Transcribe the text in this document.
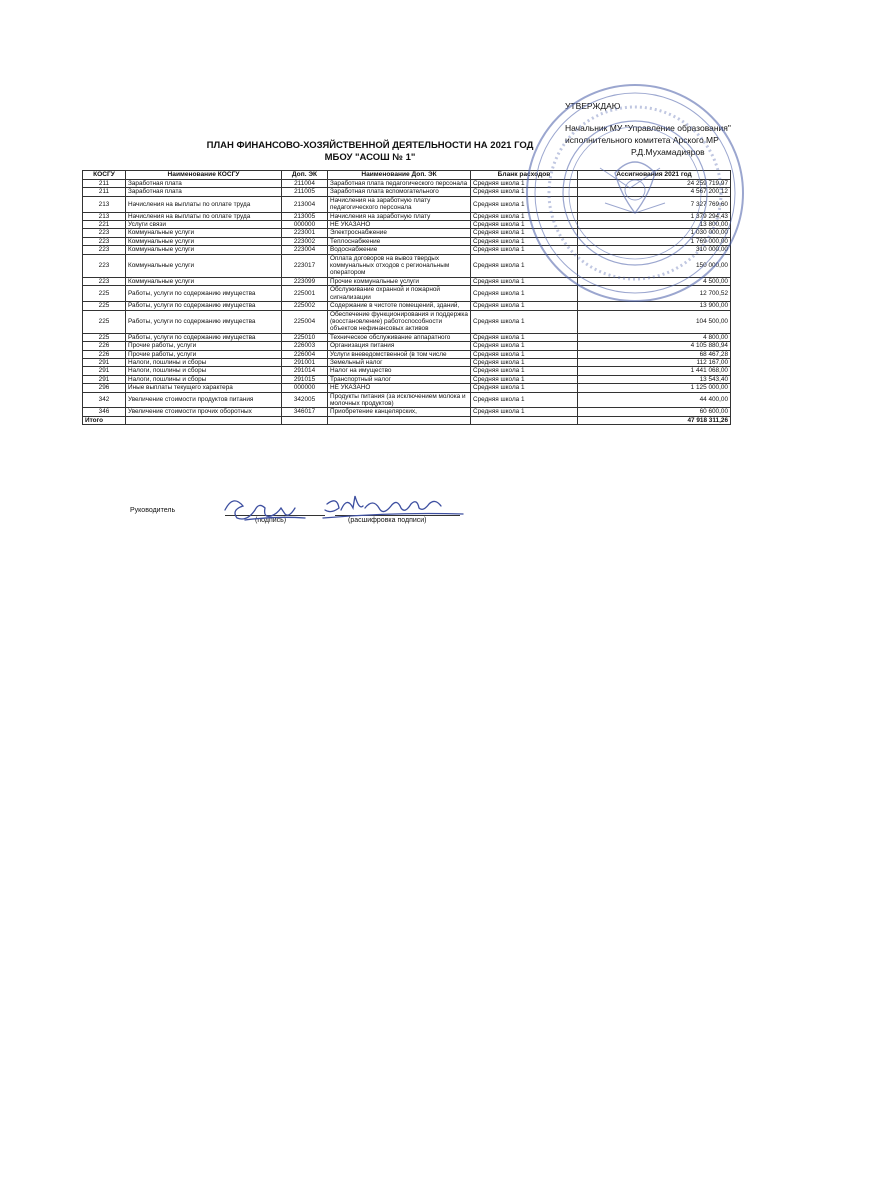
УТВЕРЖДАЮ
Начальник МУ "Управление образования"
исполнительного комитета Арского МР
Р.Д.Мухамадияров
ПЛАН ФИНАНСОВО-ХОЗЯЙСТВЕННОЙ ДЕЯТЕЛЬНОСТИ НА 2021 ГОД
МБОУ "АСОШ № 1"
КОСГУ	Наименование КОСГУ	Доп. ЭК	Наименование Доп. ЭК	Бланк расходов	Ассигнования 2021 год
211	Заработная плата	211004	Заработная плата педагогического персонала	Средняя школа 1	24 259 719,97
211	Заработная плата	211005	Заработная плата вспомогательного	Средняя школа 1	4 567 200,12
213	Начисления на выплаты по оплате труда	213004	Начисления на заработную плату педагогического персонала	Средняя школа 1	7 327 769,60
213	Начисления на выплаты по оплате труда	213005	Начисления на заработную плату	Средняя школа 1	1 379 294,43
221	Услуги связи	000000	НЕ УКАЗАНО	Средняя школа 1	13 800,00
223	Коммунальные услуги	223001	Электроснабжение	Средняя школа 1	1 030 000,00
223	Коммунальные услуги	223002	Теплоснабжение	Средняя школа 1	1 769 000,00
223	Коммунальные услуги	223004	Водоснабжение	Средняя школа 1	310 000,00
223	Коммунальные услуги	223017	Оплата договоров на вывоз твердых коммунальных отходов с региональным оператором	Средняя школа 1	150 000,00
223	Коммунальные услуги	223099	Прочие коммунальные услуги	Средняя школа 1	4 500,00
225	Работы, услуги по содержанию имущества	225001	Обслуживание охранной и пожарной сигнализации	Средняя школа 1	12 700,52
225	Работы, услуги по содержанию имущества	225002	Содержание в чистоте помещений, зданий,	Средняя школа 1	13 900,00
225	Работы, услуги по содержанию имущества	225004	Обеспечение функционирования и поддержка (восстановление) работоспособности объектов нефинансовых активов	Средняя школа 1	104 500,00
225	Работы, услуги по содержанию имущества	225010	Техническое обслуживание аппаратного	Средняя школа 1	4 800,00
226	Прочие работы, услуги	226003	Организация питания	Средняя школа 1	4 105 880,94
226	Прочие работы, услуги	226004	Услуги вневедомственной (в том числе	Средняя школа 1	68 467,28
291	Налоги, пошлины и сборы	291001	Земельный налог	Средняя школа 1	112 167,00
291	Налоги, пошлины и сборы	291014	Налог на имущество	Средняя школа 1	1 441 068,00
291	Налоги, пошлины и сборы	291015	Транспортный налог	Средняя школа 1	13 543,40
296	Иные выплаты текущего характера	000000	НЕ УКАЗАНО	Средняя школа 1	1 125 000,00
342	Увеличение стоимости продуктов питания	342005	Продукты питания (за исключением молока и молочных продуктов)	Средняя школа 1	44 400,00
346	Увеличение стоимости прочих оборотных	346017	Приобретение канцелярских,	Средняя школа 1	60 600,00
Итого					47 918 311,26
Руководитель
(подпись)	(расшифровка подписи)
